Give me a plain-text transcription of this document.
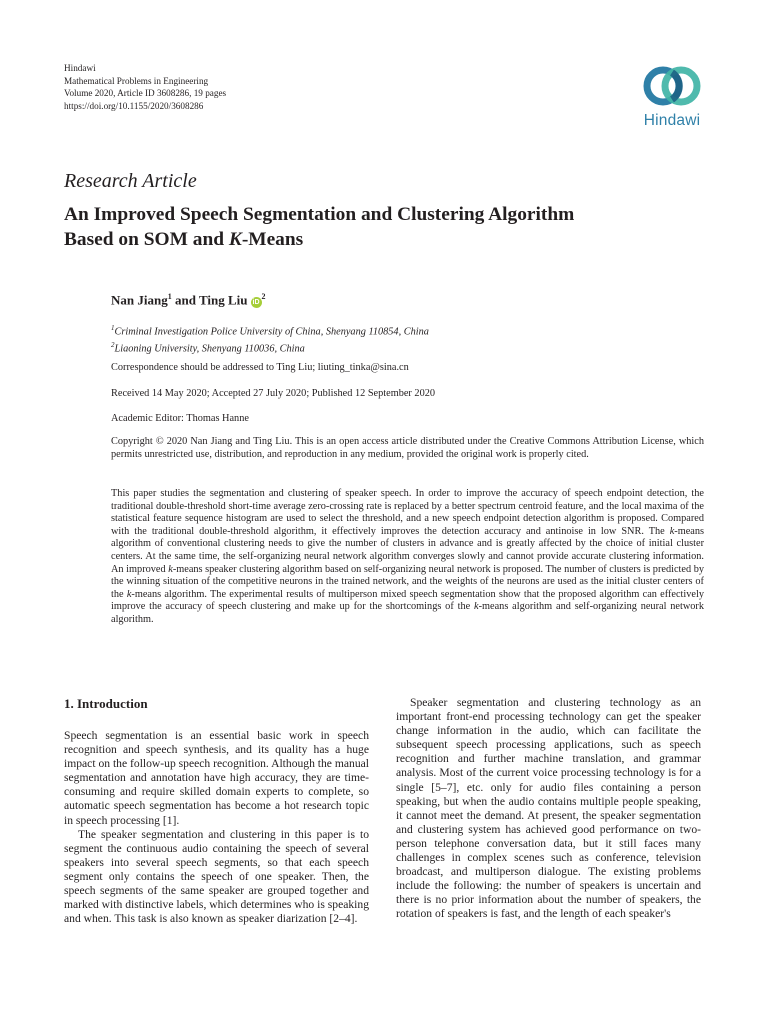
Hindawi
Mathematical Problems in Engineering
Volume 2020, Article ID 3608286, 19 pages
https://doi.org/10.1155/2020/3608286
Hindawi
Research Article
An Improved Speech Segmentation and Clustering Algorithm
Based on SOM and K-Means
Nan Jiang$^1$ and Ting Liu $iD^2$
$^1$Criminal Investigation Police University of China, Shenyang 110854, China
$^2$Liaoning University, Shenyang 110036, China
Correspondence should be addressed to Ting Liu; liuting_tinka@sina.cn
Received 14 May 2020; Accepted 27 July 2020; Published 12 September 2020
Academic Editor: Thomas Hanne
Copyright © 2020 Nan Jiang and Ting Liu. This is an open access article distributed under the Creative Commons Attribution License, which permits unrestricted use, distribution, and reproduction in any medium, provided the original work is properly cited.
This paper studies the segmentation and clustering of speaker speech. In order to improve the accuracy of speech endpoint detection, the traditional double-threshold short-time average zero-crossing rate is replaced by a better spectrum centroid feature, and the local maxima of the statistical feature sequence histogram are used to select the threshold, and a new speech endpoint detection algorithm is proposed. Compared with the traditional double-threshold algorithm, it effectively improves the detection accuracy and antinoise in low SNR. The k-means algorithm of conventional clustering needs to give the number of clusters in advance and is greatly affected by the choice of initial cluster centers. At the same time, the self-organizing neural network algorithm converges slowly and cannot provide accurate clustering information. An improved k-means speaker clustering algorithm based on self-organizing neural network is proposed. The number of clusters is predicted by the winning situation of the competitive neurons in the trained network, and the weights of the neurons are used as the initial cluster centers of the k-means algorithm. The experimental results of multiperson mixed speech segmentation show that the proposed algorithm can effectively improve the accuracy of speech clustering and make up for the shortcomings of the k-means algorithm and self-organizing neural network algorithm.

1. Introduction

Speech segmentation is an essential basic work in speech recognition and speech synthesis, and its quality has a huge impact on the follow-up speech recognition. Although the manual segmentation and annotation have high accuracy, they are time-consuming and require skilled domain experts to complete, so automatic speech segmentation has become a hot research topic in speech processing [1].

The speaker segmentation and clustering in this paper is to segment the continuous audio containing the speech of several speakers into several speech segments, so that each speech segment only contains the speech of one speaker. Then, the speech segments of the same speaker are grouped together and marked with distinctive labels, which determines who is speaking and when. This task is also known as speaker diarization [2–4].

Speaker segmentation and clustering technology as an important front-end processing technology can get the speaker change information in the audio, which can facilitate the subsequent speech processing applications, such as speech recognition and further machine translation, and grammar analysis. Most of the current voice processing technology is for a single [5–7], etc. only for audio files containing a person speaking, but when the audio contains multiple people speaking, it cannot meet the demand. At present, the speaker segmentation and clustering system has achieved good performance on two-person telephone conversation data, but it still faces many challenges in complex scenes such as conference, television broadcast, and multiperson dialogue. The existing problems include the following: the number of speakers is uncertain and there is no prior information about the number of speakers, the rotation of speakers is fast, and the length of each speaker's
